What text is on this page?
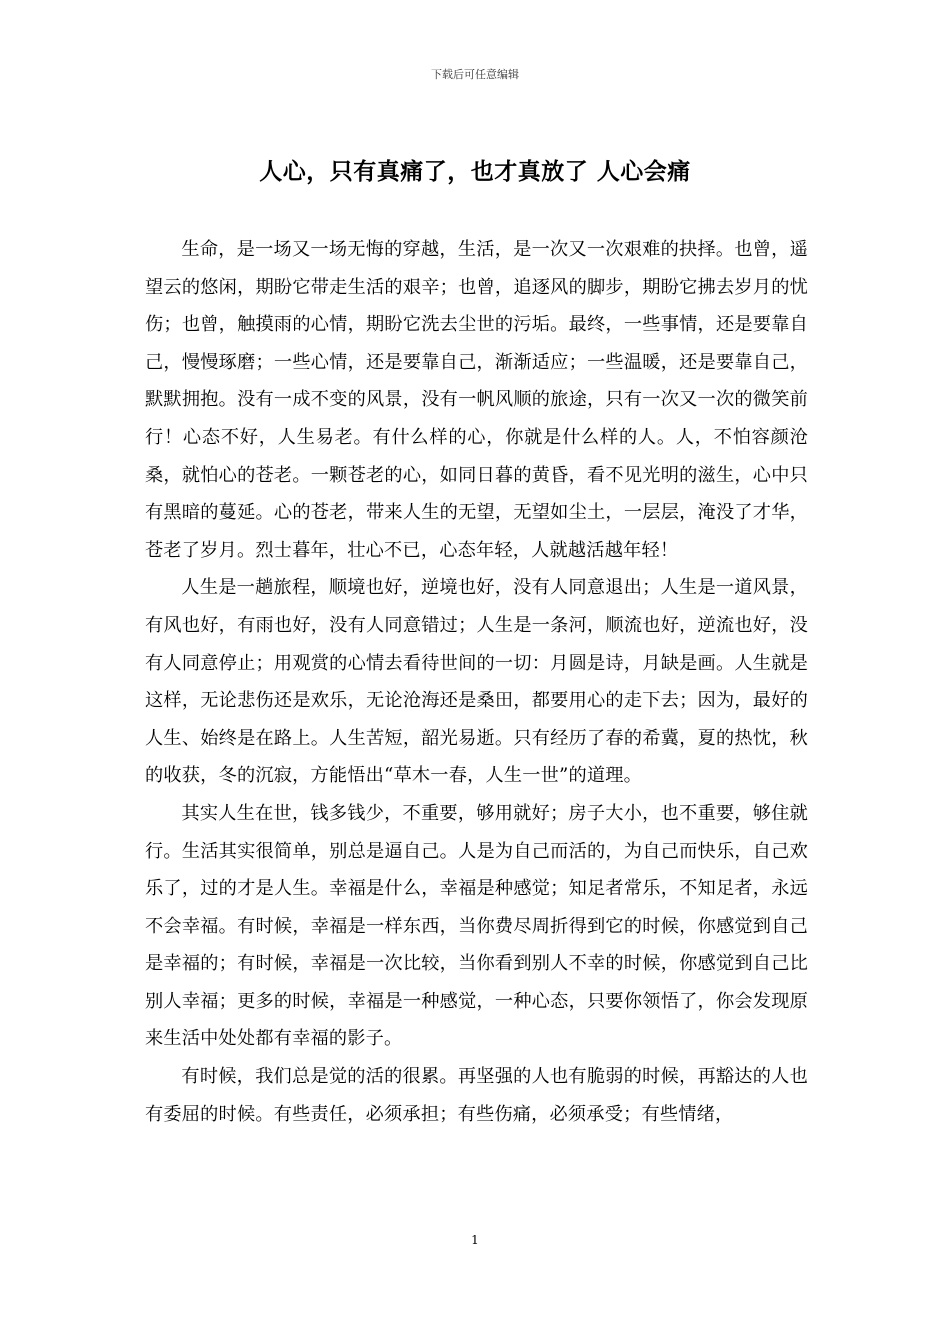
下载后可任意编辑
人心，只有真痛了，也才真放了 人心会痛

生命，是一场又一场无悔的穿越，生活，是一次又一次艰难的抉择。也曾，遥望云的悠闲，期盼它带走生活的艰辛；也曾，追逐风的脚步，期盼它拂去岁月的忧伤；也曾，触摸雨的心情，期盼它洗去尘世的污垢。最终，一些事情，还是要靠自己，慢慢琢磨；一些心情，还是要靠自己，渐渐适应；一些温暖，还是要靠自己，默默拥抱。没有一成不变的风景，没有一帆风顺的旅途，只有一次又一次的微笑前行！心态不好，人生易老。有什么样的心，你就是什么样的人。人，不怕容颜沧桑，就怕心的苍老。一颗苍老的心，如同日暮的黄昏，看不见光明的滋生，心中只有黑暗的蔓延。心的苍老，带来人生的无望，无望如尘土，一层层，淹没了才华，苍老了岁月。烈士暮年，壮心不已，心态年轻，人就越活越年轻！

人生是一趟旅程，顺境也好，逆境也好，没有人同意退出；人生是一道风景，有风也好，有雨也好，没有人同意错过；人生是一条河，顺流也好，逆流也好，没有人同意停止；用观赏的心情去看待世间的一切：月圆是诗，月缺是画。人生就是这样，无论悲伤还是欢乐，无论沧海还是桑田，都要用心的走下去；因为，最好的人生、始终是在路上。人生苦短，韶光易逝。只有经历了春的希冀，夏的热忱，秋的收获，冬的沉寂，方能悟出“草木一春，人生一世”的道理。

其实人生在世，钱多钱少，不重要，够用就好；房子大小，也不重要，够住就行。生活其实很简单，别总是逼自己。人是为自己而活的，为自己而快乐，自己欢乐了，过的才是人生。幸福是什么，幸福是种感觉；知足者常乐，不知足者，永远不会幸福。有时候，幸福是一样东西，当你费尽周折得到它的时候，你感觉到自己是幸福的；有时候，幸福是一次比较，当你看到别人不幸的时候，你感觉到自己比别人幸福；更多的时候，幸福是一种感觉，一种心态，只要你领悟了，你会发现原来生活中处处都有幸福的影子。

有时候，我们总是觉的活的很累。再坚强的人也有脆弱的时候，再豁达的人也有委屈的时候。有些责任，必须承担；有些伤痛，必须承受；有些情绪，

1
